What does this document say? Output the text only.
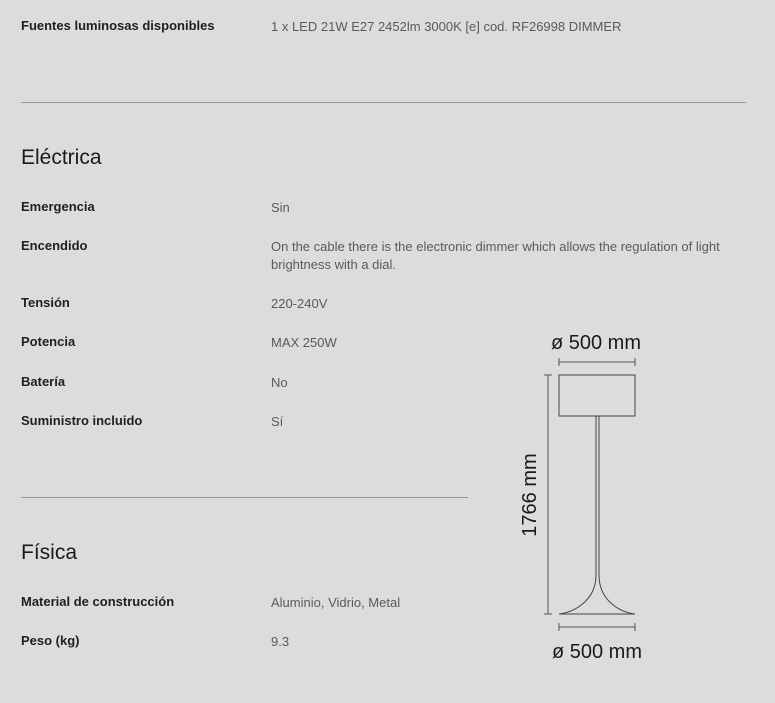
Fuentes luminosas disponibles	1 x LED 21W E27 2452lm 3000K [e] cod. RF26998 DIMMER
Eléctrica
Emergencia	Sin
Encendido	On the cable there is the electronic dimmer which allows the regulation of light brightness with a dial.
Tensión	220-240V
Potencia	MAX 250W
Batería	No
Suministro incluido	Sí
Física
Material de construcción	Aluminio, Vidrio, Metal
Peso (kg)	9.3
ø 500 mm
1766 mm
ø 500 mm
